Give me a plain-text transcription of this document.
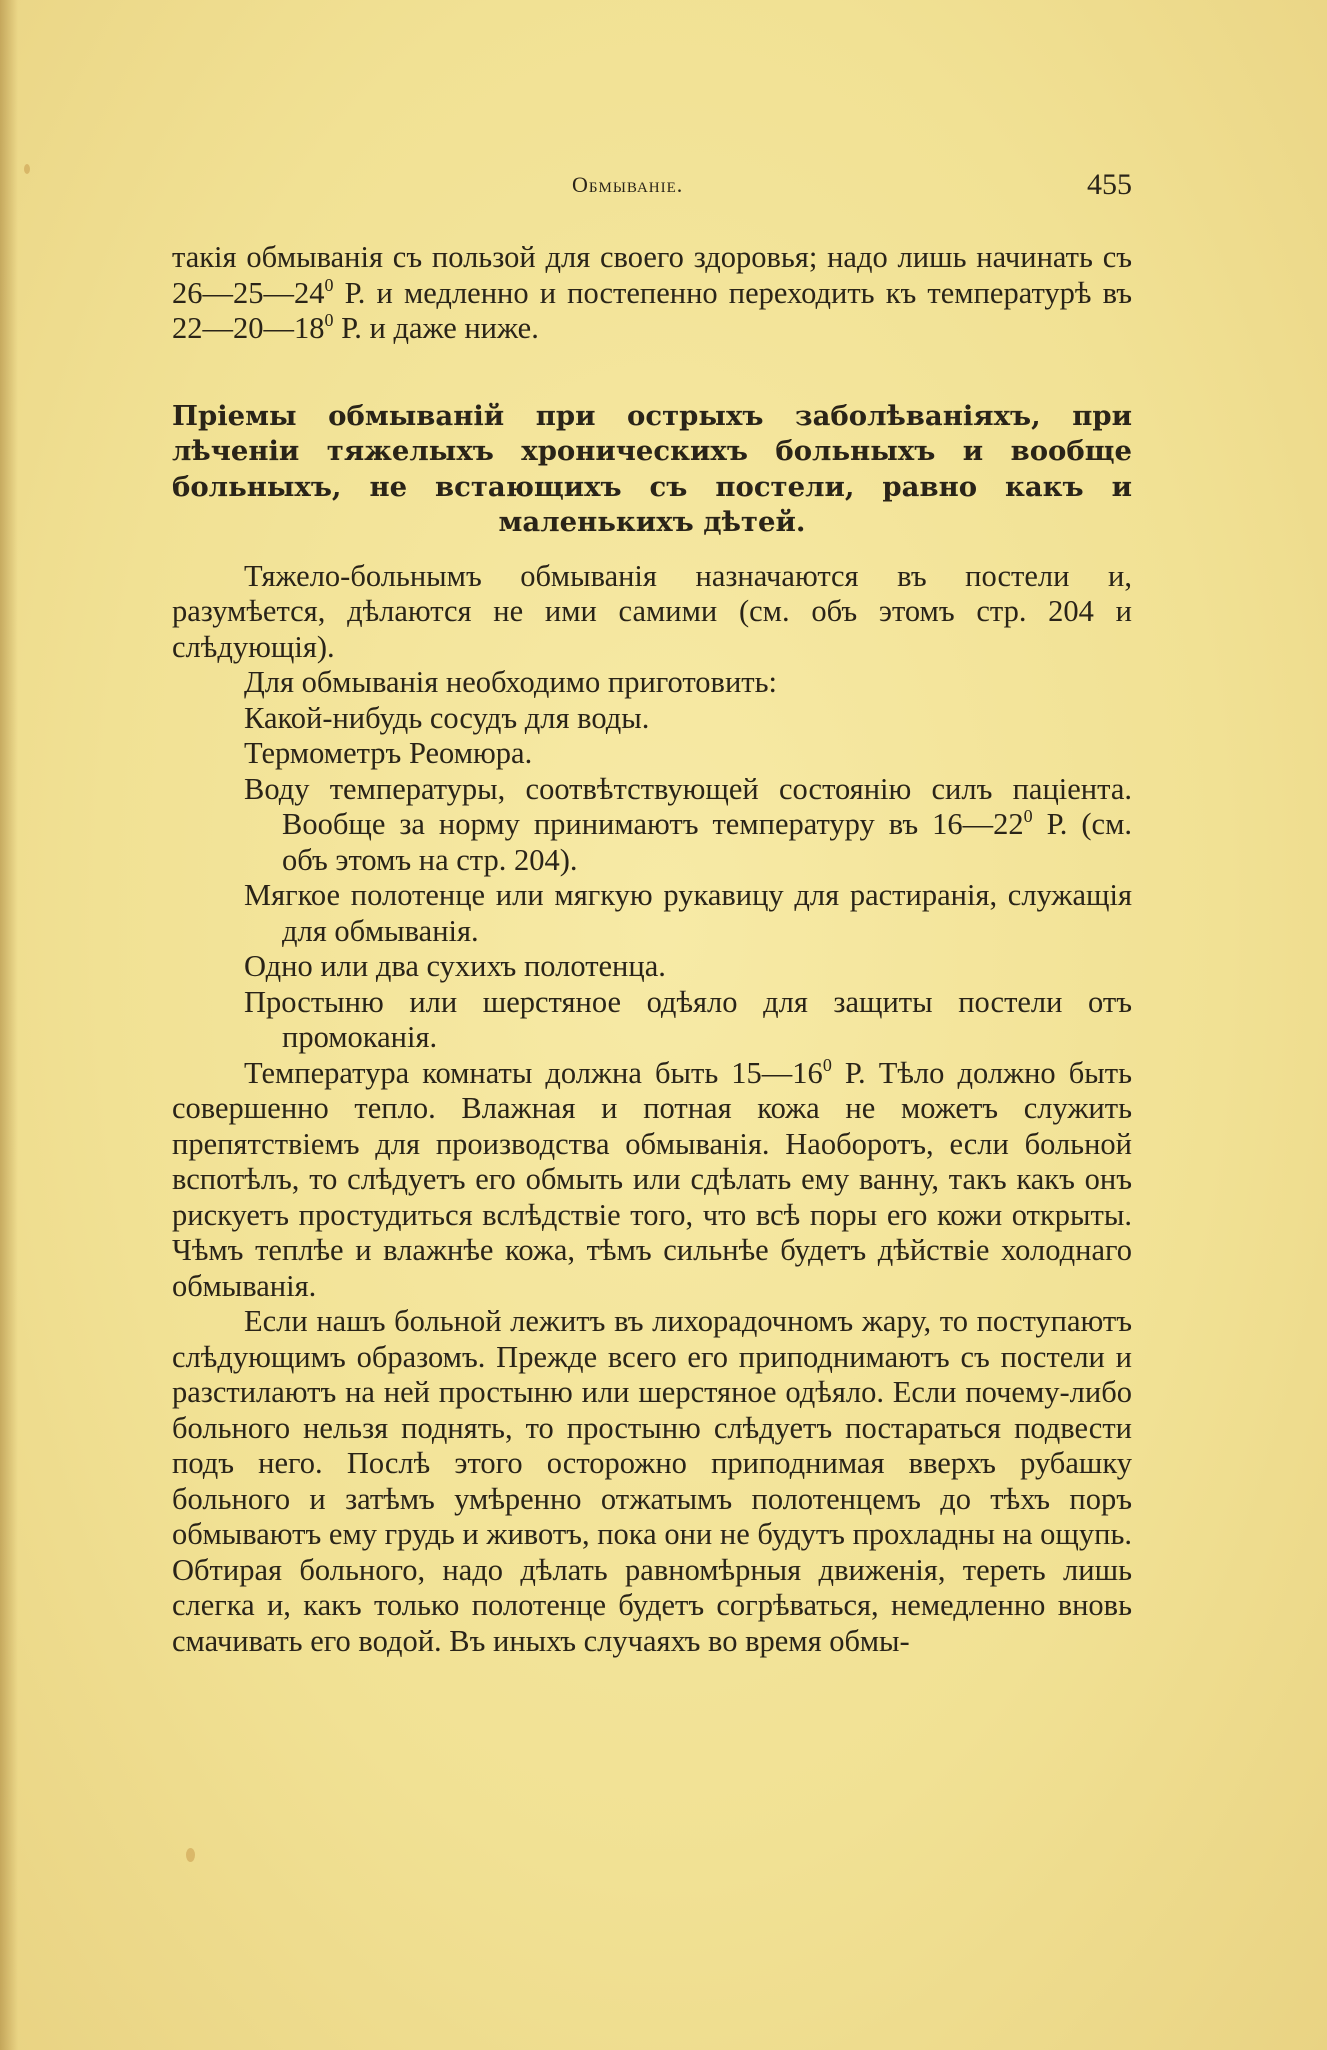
Обмыванiе.	455

такiя обмыванiя съ пользой для своего здоровья; надо лишь начинать съ $26—25—24^0$ Р. и медленно и постепенно переходить къ температурѣ въ $22—20—18^0$ Р. и даже ниже.

Прiемы обмыванiй при острыхъ заболѣванiяхъ, при лѣченiи тяжелыхъ хроническихъ больныхъ и вообще больныхъ, не встающихъ съ постели, равно какъ и маленькихъ дѣтей.

Тяжело-больнымъ обмыванiя назначаются въ постели и, разумѣется, дѣлаются не ими самими (см. объ этомъ стр. 204 и слѣдующiя).

Для обмыванiя необходимо приготовить:

Какой-нибудь сосудъ для воды.

Термометръ Реомюра.

Воду температуры, соотвѣтствующей состоянiю силъ пацiента. Вообще за норму принимаютъ температуру въ $16—22^0$ Р. (см. объ этомъ на стр. 204).

Мягкое полотенце или мягкую рукавицу для растиранiя, служащiя для обмыванiя.

Одно или два сухихъ полотенца.

Простыню или шерстяное одѣяло для защиты постели отъ промоканiя.

Температура комнаты должна быть $15—16^0$ Р. Тѣло должно быть совершенно тепло. Влажная и потная кожа не можетъ служить препятствiемъ для производства обмыванiя. Наоборотъ, если больной вспотѣлъ, то слѣдуетъ его обмыть или сдѣлать ему ванну, такъ какъ онъ рискуетъ простудиться вслѣдствiе того, что всѣ поры его кожи открыты. Чѣмъ теплѣе и влажнѣе кожа, тѣмъ сильнѣе будетъ дѣйствiе холоднаго обмыванiя.

Если нашъ больной лежитъ въ лихорадочномъ жару, то поступаютъ слѣдующимъ образомъ. Прежде всего его приподнимаютъ съ постели и разстилаютъ на ней простыню или шерстяное одѣяло. Если почему-либо больного нельзя поднять, то простыню слѣдуетъ постараться подвести подъ него. Послѣ этого осторожно приподнимая вверхъ рубашку больного и затѣмъ умѣренно отжатымъ полотенцемъ до тѣхъ поръ обмываютъ ему грудь и животъ, пока они не будутъ прохладны на ощупь. Обтирая больного, надо дѣлать равномѣрныя движенiя, тереть лишь слегка и, какъ только полотенце будетъ согрѣваться, немедленно вновь смачивать его водой. Въ иныхъ случаяхъ во время обмы-
